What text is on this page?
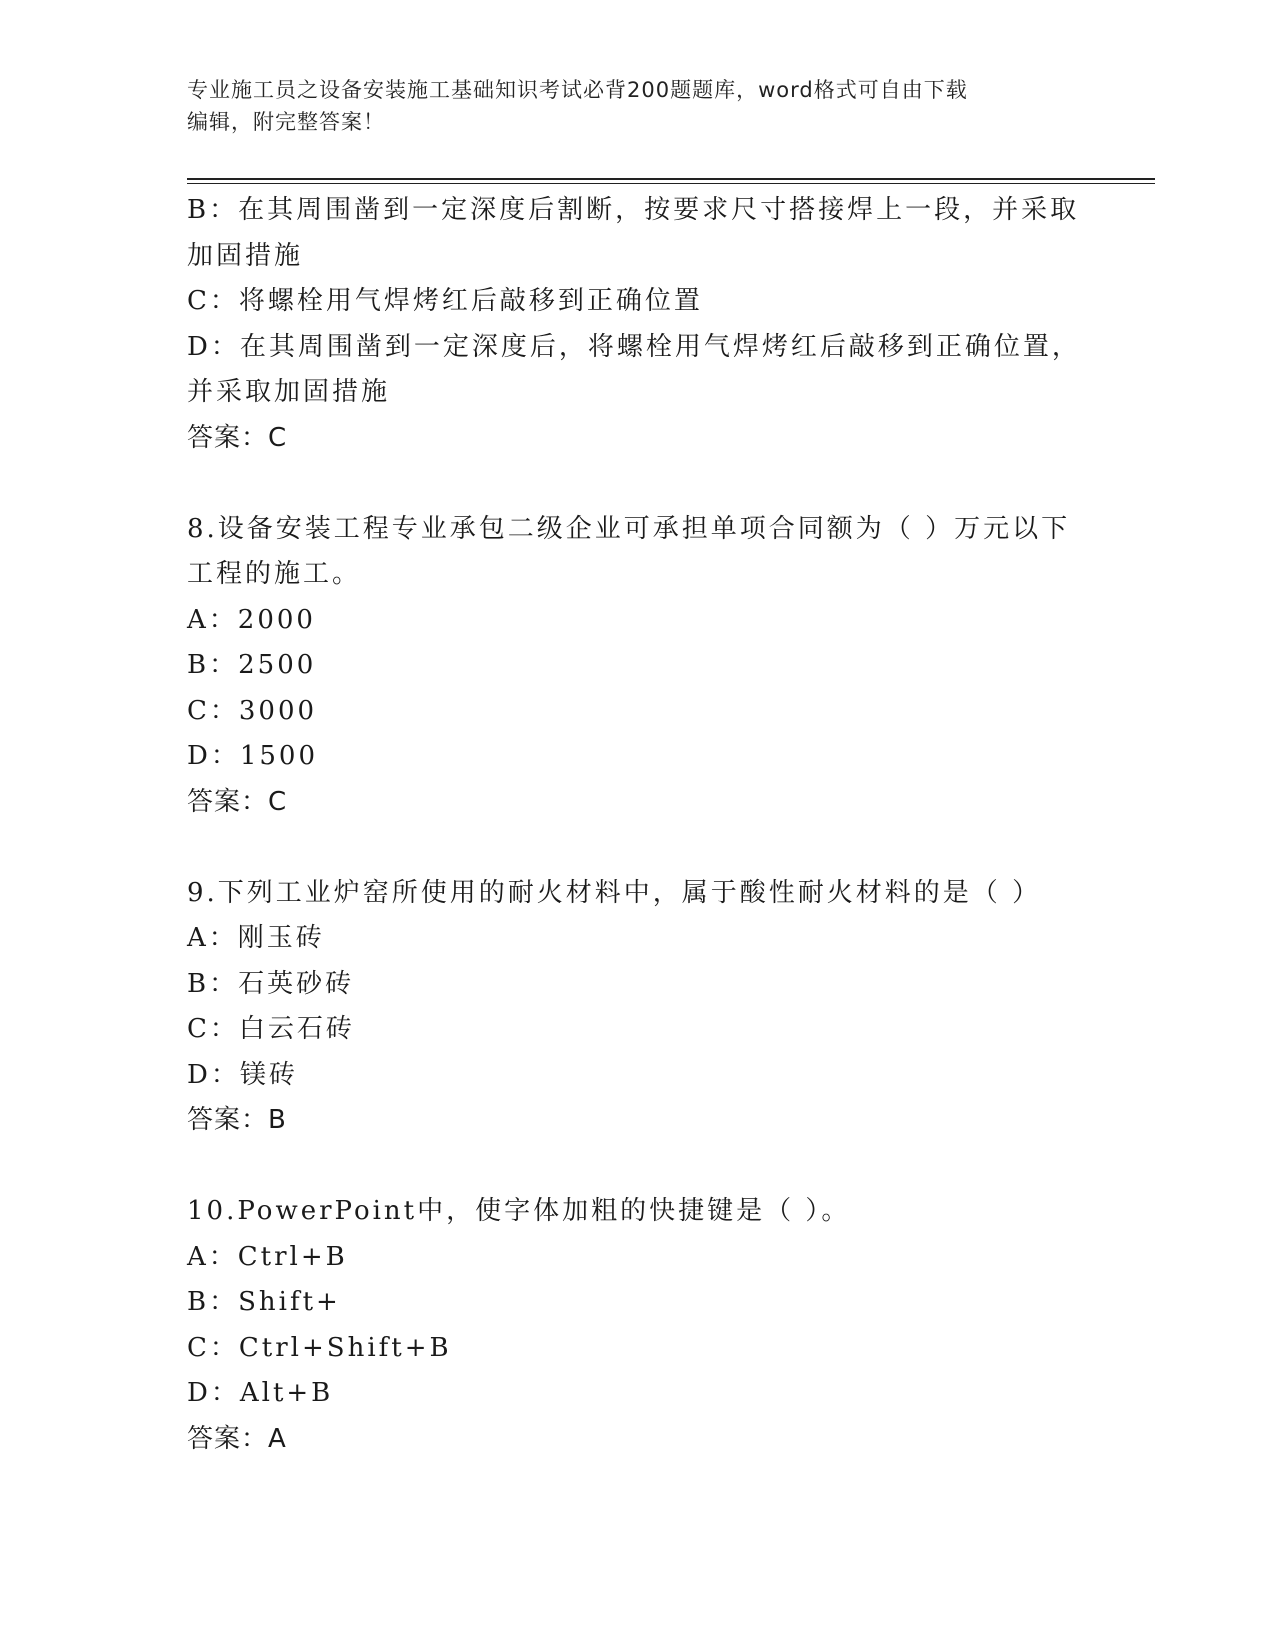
专业施工员之设备安装施工基础知识考试必背200题题库，word格式可自由下载
编辑，附完整答案！
B：在其周围凿到一定深度后割断，按要求尺寸搭接焊上一段，并采取
加固措施
C：将螺栓用气焊烤红后敲移到正确位置
D：在其周围凿到一定深度后，将螺栓用气焊烤红后敲移到正确位置，
并采取加固措施
答案：C
8.设备安装工程专业承包二级企业可承担单项合同额为（ ）万元以下
工程的施工。
A：2000
B：2500
C：3000
D：1500
答案：C
9.下列工业炉窑所使用的耐火材料中，属于酸性耐火材料的是（ ）
A：刚玉砖
B：石英砂砖
C：白云石砖
D：镁砖
答案：B
10.PowerPoint中，使字体加粗的快捷键是（ ）。
A：Ctrl+B
B：Shift+
C：Ctrl+Shift+B
D：Alt+B
答案：A
